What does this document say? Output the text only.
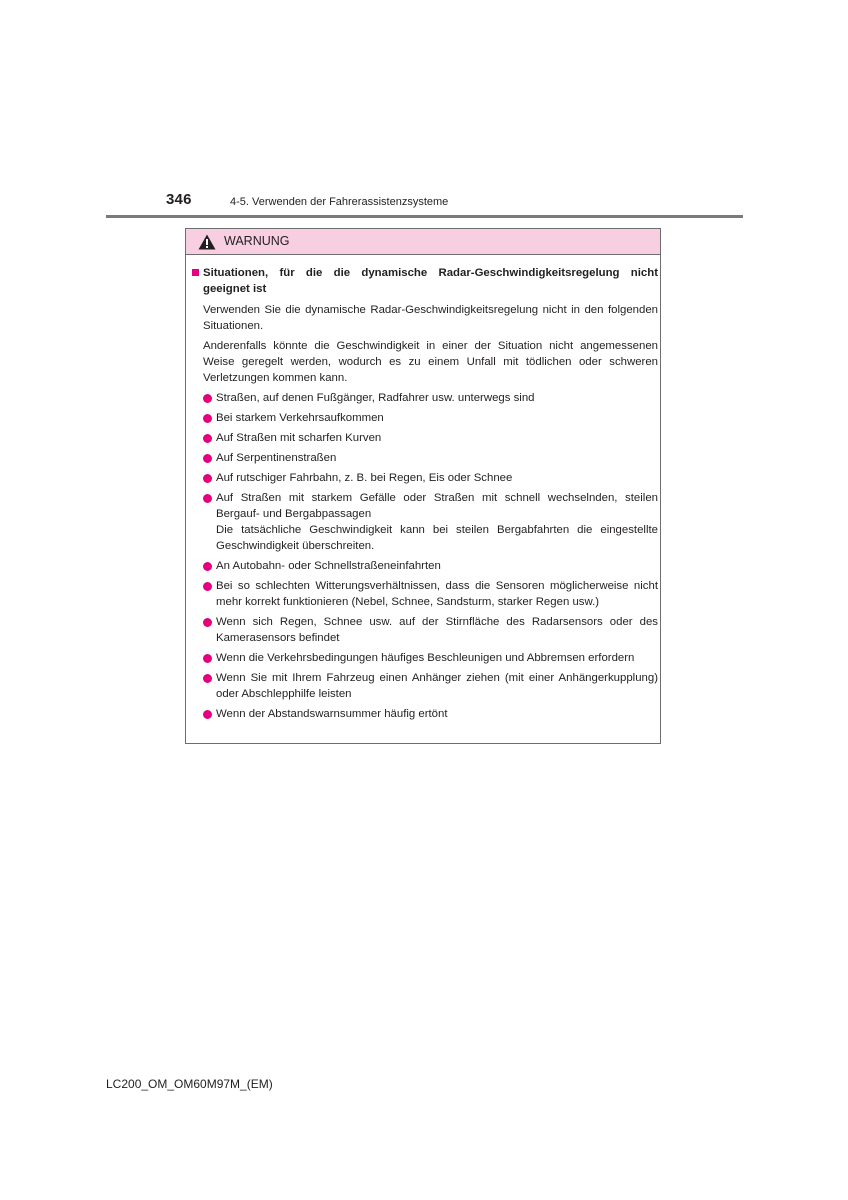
346	4-5. Verwenden der Fahrerassistenzsysteme
WARNUNG
Situationen, für die die dynamische Radar-Geschwindigkeitsregelung nicht geeignet ist
Verwenden Sie die dynamische Radar-Geschwindigkeitsregelung nicht in den folgenden Situationen.
Anderenfalls könnte die Geschwindigkeit in einer der Situation nicht angemessenen Weise geregelt werden, wodurch es zu einem Unfall mit tödlichen oder schweren Verletzungen kommen kann.
Straßen, auf denen Fußgänger, Radfahrer usw. unterwegs sind
Bei starkem Verkehrsaufkommen
Auf Straßen mit scharfen Kurven
Auf Serpentinenstraßen
Auf rutschiger Fahrbahn, z. B. bei Regen, Eis oder Schnee
Auf Straßen mit starkem Gefälle oder Straßen mit schnell wechselnden, steilen Bergauf- und Bergabpassagen
Die tatsächliche Geschwindigkeit kann bei steilen Bergabfahrten die eingestellte Geschwindigkeit überschreiten.
An Autobahn- oder Schnellstraßeneinfahrten
Bei so schlechten Witterungsverhältnissen, dass die Sensoren möglicherweise nicht mehr korrekt funktionieren (Nebel, Schnee, Sandsturm, starker Regen usw.)
Wenn sich Regen, Schnee usw. auf der Stirnfläche des Radarsensors oder des Kamerasensors befindet
Wenn die Verkehrsbedingungen häufiges Beschleunigen und Abbremsen erfordern
Wenn Sie mit Ihrem Fahrzeug einen Anhänger ziehen (mit einer Anhängerkupplung) oder Abschlepphilfe leisten
Wenn der Abstandswarnsummer häufig ertönt
LC200_OM_OM60M97M_(EM)
